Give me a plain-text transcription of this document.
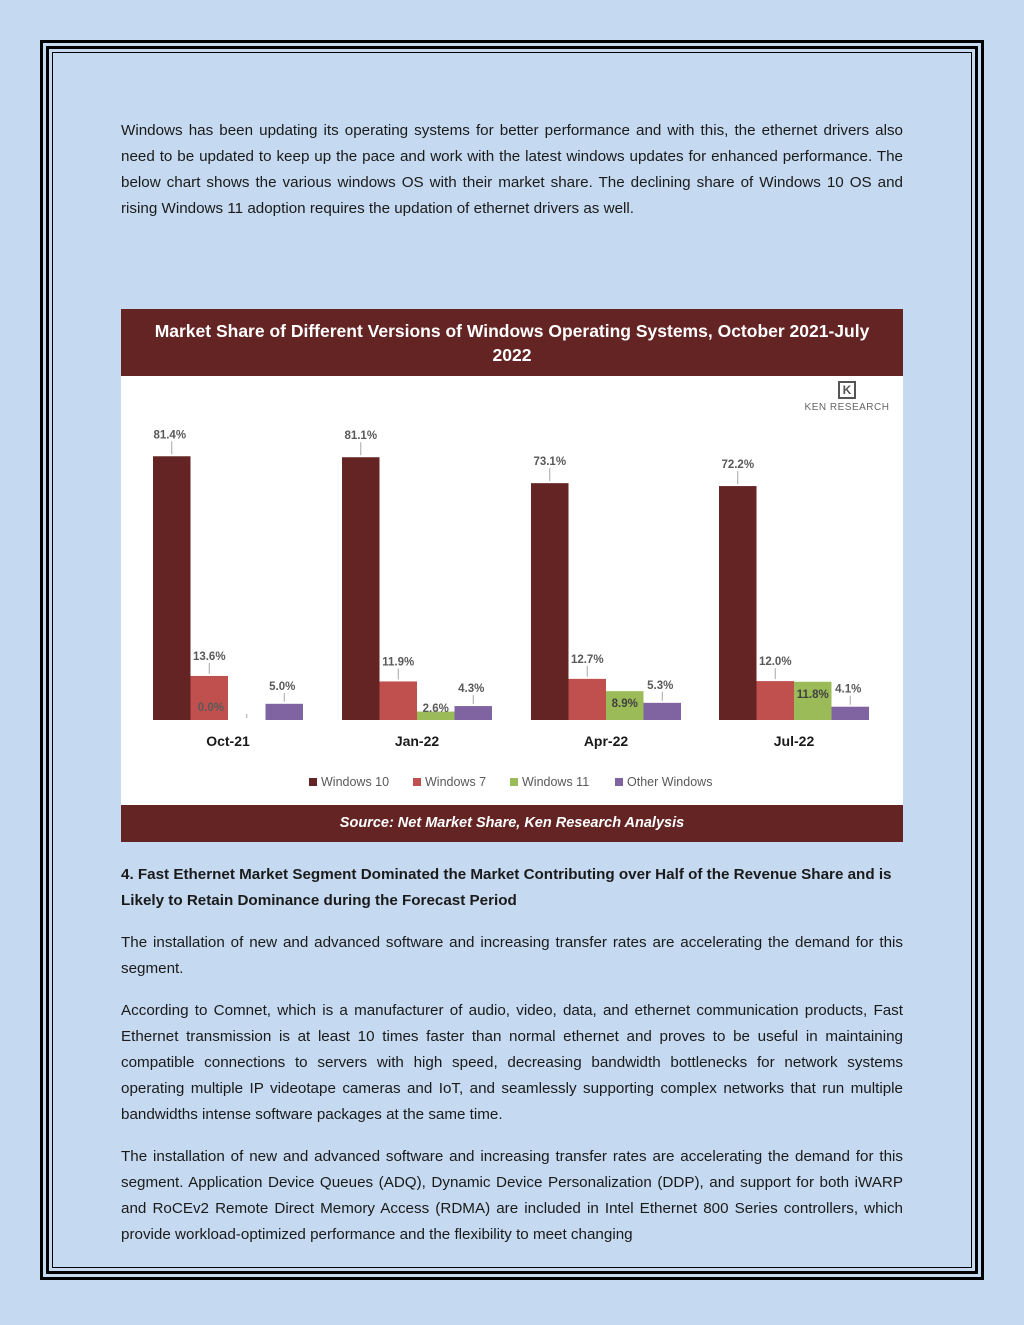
Windows has been updating its operating systems for better performance and with this, the ethernet drivers also need to be updated to keep up the pace and work with the latest windows updates for enhanced performance. The below chart shows the various windows OS with their market share. The declining share of Windows 10 OS and rising Windows 11 adoption requires the updation of ethernet drivers as well.

Market Share of Different Versions of Windows Operating Systems, October 2021-July 2022
K
KEN RESEARCH
81.4%
13.6%
0.0%
5.0%
Oct-21
81.1%
11.9%
2.6%
4.3%
Jan-22
73.1%
12.7%
8.9%
5.3%
Apr-22
72.2%
12.0%
11.8% 4.1%
Jul-22
Windows 10	Windows 7	Windows 11	Other Windows
Source: Net Market Share, Ken Research Analysis
4. Fast Ethernet Market Segment Dominated the Market Contributing over Half of the Revenue Share and is Likely to Retain Dominance during the Forecast Period

The installation of new and advanced software and increasing transfer rates are accelerating the demand for this segment.

According to Comnet, which is a manufacturer of audio, video, data, and ethernet communication products, Fast Ethernet transmission is at least 10 times faster than normal ethernet and proves to be useful in maintaining compatible connections to servers with high speed, decreasing bandwidth bottlenecks for network systems operating multiple IP videotape cameras and IoT, and seamlessly supporting complex networks that run multiple bandwidths intense software packages at the same time.

The installation of new and advanced software and increasing transfer rates are accelerating the demand for this segment. Application Device Queues (ADQ), Dynamic Device Personalization (DDP), and support for both iWARP and RoCEv2 Remote Direct Memory Access (RDMA) are included in Intel Ethernet 800 Series controllers, which provide workload-optimized performance and the flexibility to meet changing
